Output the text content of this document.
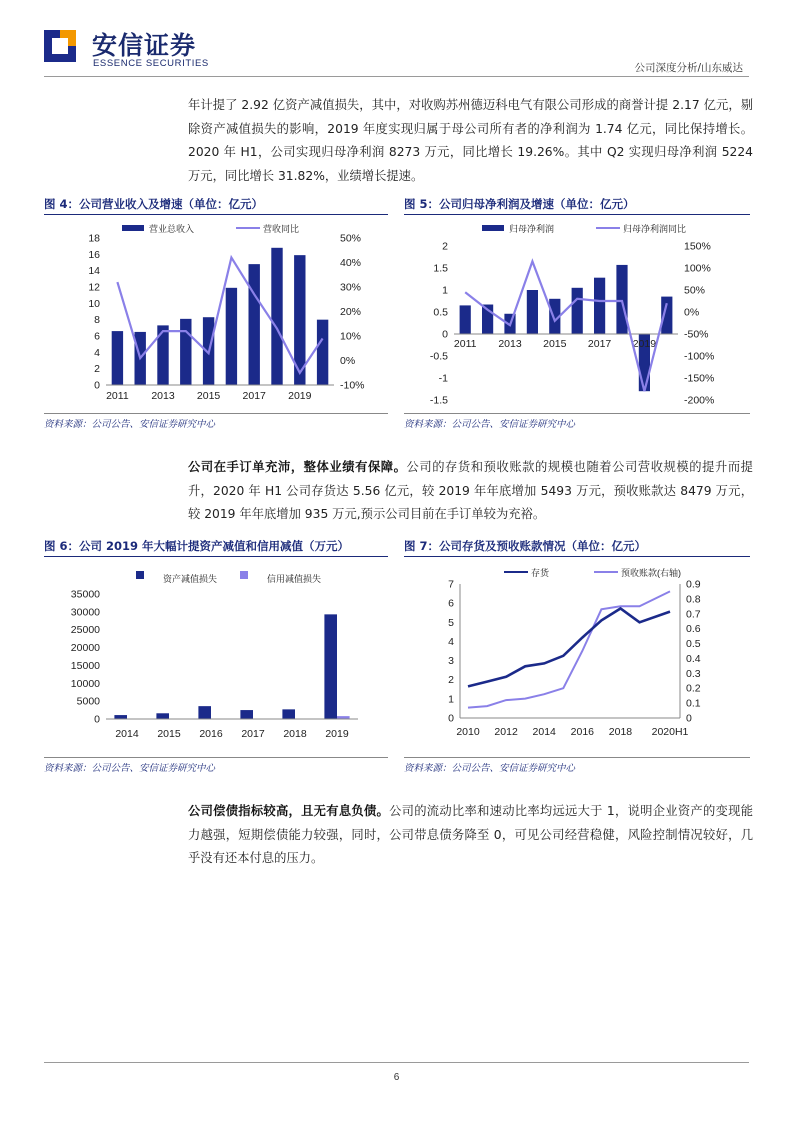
安信证券
ESSENCE SECURITIES	公司深度分析/山东威达
年计提了 2.92 亿资产减值损失，其中，对收购苏州德迈科电气有限公司形成的商誉计提 2.17 亿元，剔除资产减值损失的影响，2019 年度实现归属于母公司所有者的净利润为 1.74 亿元，同比保持增长。2020 年 H1，公司实现归母净利润 8273 万元，同比增长 19.26%。其中 Q2 实现归母净利润 5224 万元，同比增长 31.82%，业绩增长提速。
图 4：公司营业收入及增速（单位：亿元）
营业总收入	营收同比
0
2
4
6
8
10
12
14
16
18
-10%
0%
10%
20%
30%
40%
50%
2011 2013 2015 2017 2019
资料来源：公司公告、安信证券研究中心
图 5：公司归母净利润及增速（单位：亿元）
归母净利润	归母净利润同比
-1.5
-1
-0.5
0
0.5
1
1.5
2
-200%
-150%
-100%
-50%
0%
50%
100%
150%
2011 2013 2015 2017 2019
资料来源：公司公告、安信证券研究中心
公司在手订单充沛，整体业绩有保障。公司的存货和预收账款的规模也随着公司营收规模的提升而提升，2020 年 H1 公司存货达 5.56 亿元，较 2019 年年底增加 5493 万元，预收账款达 8479 万元，较 2019 年年底增加 935 万元,预示公司目前在手订单较为充裕。
图 6：公司 2019 年大幅计提资产减值和信用减值（万元）
资产减值损失	信用减值损失
0
5000
10000
15000
20000
25000
30000
35000
2014 2015 2016 2017 2018 2019
资料来源：公司公告、安信证券研究中心
图 7：公司存货及预收账款情况（单位：亿元）
存货	预收账款(右轴)
0
1
2
3
4
5
6
7
0
0.1
0.2
0.3
0.4
0.5
0.6
0.7
0.8
0.9
2010 2012 2014 2016 2018 2020H1
资料来源：公司公告、安信证券研究中心
公司偿债指标较高，且无有息负债。公司的流动比率和速动比率均远远大于 1，说明企业资产的变现能力越强，短期偿债能力较强，同时，公司带息债务降至 0，可见公司经营稳健，风险控制情况较好，几乎没有还本付息的压力。
6
